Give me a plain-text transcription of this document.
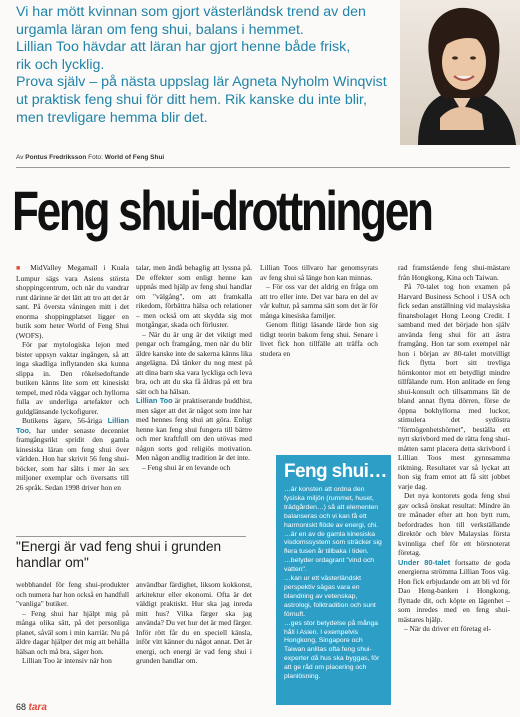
Vi har mött kvinnan som gjort västerländsk trend av den

urgamla läran om feng shui, balans i hemmet.

Lillian Too hävdar att läran har gjort henne både frisk,

rik och lycklig.

Prova själv – på nästa uppslag lär Agneta Nyholm Winqvist

ut praktisk feng shui för ditt hem. Rik kanske du inte blir,

men trevligare hemma blir det.

Av Pontus Fredriksson Foto: World of Feng Shui
Feng shui-drottningen

■ MidValley Megamall i Kuala Lumpur sägs vara Asiens största shoppingcentrum, och när du vandrar runt därinne är det lätt att tro att det är sant. På översta våningen mitt i det enorma shoppingplatset ligger en butik som heter World of Feng Shui (WOFS).

För par mytologiska lejon med bister uppsyn vaktar ingången, så att inga skadliga inflytanden ska kunna slippa in. Den rökelsedoftande butiken känns lite som ett kinesiskt tempel, med röda väggar och hyllorna fulla av underliga artefakter och guldglänsande lyckofigurer.

Butikens ägare, 56-åriga Lillian Too, har under senaste decenniet framgångsrikt spridit den gamla kinesiska läran om feng shui över världen. Hon har skrivit 56 feng shui-böcker, som har sålts i mer än sex miljoner exemplar och översatts till 26 språk. Sedan 1998 driver hon en

talar, men ändå behaglig att lyssna på. De effekter som enligt henne kan uppnås med hjälp av feng shui handlar om "välgång", om att framkalla rikedom, förbättra hälsa och relationer – men också om att skydda sig mot motgångar, skada och förluster.

– När du är ung är det viktigt med pengar och framgång, men när du blir äldre kanske inte de sakerna känns lika angelägna. Då tänker du nog mest på att dina barn ska vara lyckliga och leva bra, och att du ska få åldras på ett bra sätt och ha hälsan.

Lillian Too är praktiserande buddhist, men säger att det är något som inte har med hennes feng shui att göra. Enligt henne kan feng shui fungera till bättre och mer kraftfull om den utövas med någon sorts god religiös motivation. Men någon andlig tradition är det inte.

– Feng shui är en levande och

Lillian Toos tillvaro har genomsyrats av feng shui så länge hon kan minnas.

– För oss var det aldrig en fråga om att tro eller inte. Det var bara en del av vår kultur, på samma sätt som det är för många kinesiska familjer.

Genom flitigt läsande lärde hon sig tidigt teorin bakom feng shui. Senare i livet fick hon tillfälle att träffa och studera en

rad framstående feng shui-mästare från Hongkong, Kina och Taiwan.

På 70-talet tog hon examen på Harvard Business School i USA och fick sedan anställning vid malaysiska finansbolaget Hong Leong Credit. I samband med det började hon själv använda feng shui för att ästra framgång. Hon tar som exempel när hon i början av 80-talet motvilligt fick flytta bort sitt trevliga hörnkontor mot ett betydligt mindre tillfälande rum. Hon anlitade en feng shui-konsult och tillsammans lät de bland annat flytta dörren, förse de öppna bokhyllorna med luckor, stimulera det sydöstra "förmögenhetshörnet", beställa ett nytt skrivbord med de rätta feng shui-måtten samt placera detta skrivbord i Lillian Toos mest gynnsamma riktning. Resultatet var så lyckat att hon sig fram emot att få sitt jobbet varje dag.

Det nya kontorets goda feng shui gav också önskat resultat: Mindre än tre månader efter att hon bytt rum, befordrades hon till verkställande direktör och blev Malaysias första kvinnliga chef för ett börsnoterat företag.

Under 80-talet fortsatte de goda energierna strömma Lillian Toos väg. Hon fick erbjudande om att bli vd för Dao Heng-banken i Hongkong, flyttade dit, och köpte en lägenhet – som inredes med en feng shui-mästares hjälp.

– När du driver ett företag el-

"Energi är vad feng shui i grunden handlar om"

webbhandel för feng shui-produkter och numera har hon också en handfull "vanliga" butiker.

– Feng shui har hjälpt mig på många olika sätt, på det personliga planet, såväl som i min karriär. Nu på äldre dagar hjälper det mig att behålla hälsan och må bra, säger hon.

Lillian Too är intensiv när hon

användbar färdighet, liksom kokkonst, arkitektur eller ekonomi. Ofta är det väldigt praktiskt. Hur ska jag inreda mitt hus? Vilka färger ska jag använda? Du vet hur det är med färger. Inför rött får du en speciell känsla, inför vitt känner du något annat. Det är energi, och energi är vad feng shui i grunden handlar om.

Feng shui…

…är konsten att ordna den fysiska miljön (rummet, huset, trädgården…) så att elementen balanseras och vi kan få ett harmoniskt flöde av energi, chi.

…är en av de gamla kinesiska visdomssystem som sträcker sig flera tusen år tillbaka i tiden.

…betyder ordagrant "vind och vatten".

…kan ur ett västerländskt perspektiv sägas vara en blandning av vetenskap, astrologi, folktradition och sunt förnuft.

…ges stor betydelse på många håll i Asien. I exempelvis Hongkong, Singapore och Taiwan anlitas ofta feng shui-experter då hus ska byggas, för att ge råd om placering och planlösning.

68 tara
